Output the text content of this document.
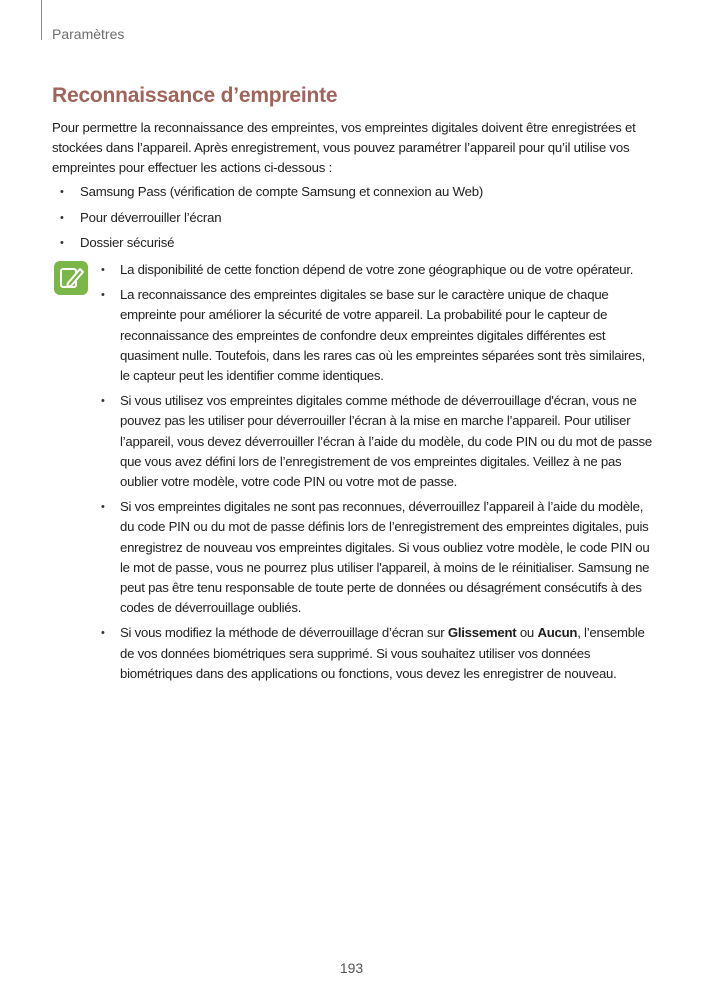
Paramètres
Reconnaissance d’empreinte

Pour permettre la reconnaissance des empreintes, vos empreintes digitales doivent être enregistrées et stockées dans l’appareil. Après enregistrement, vous pouvez paramétrer l’appareil pour qu’il utilise vos empreintes pour effectuer les actions ci-dessous :

• Samsung Pass (vérification de compte Samsung et connexion au Web)
• Pour déverrouiller l’écran
• Dossier sécurisé
• La disponibilité de cette fonction dépend de votre zone géographique ou de votre opérateur.
• La reconnaissance des empreintes digitales se base sur le caractère unique de chaque empreinte pour améliorer la sécurité de votre appareil. La probabilité pour le capteur de reconnaissance des empreintes de confondre deux empreintes digitales différentes est quasiment nulle. Toutefois, dans les rares cas où les empreintes séparées sont très similaires, le capteur peut les identifier comme identiques.
• Si vous utilisez vos empreintes digitales comme méthode de déverrouillage d'écran, vous ne pouvez pas les utiliser pour déverrouiller l’écran à la mise en marche l’appareil. Pour utiliser l’appareil, vous devez déverrouiller l’écran à l’aide du modèle, du code PIN ou du mot de passe que vous avez défini lors de l’enregistrement de vos empreintes digitales. Veillez à ne pas oublier votre modèle, votre code PIN ou votre mot de passe.
• Si vos empreintes digitales ne sont pas reconnues, déverrouillez l’appareil à l’aide du modèle, du code PIN ou du mot de passe définis lors de l’enregistrement des empreintes digitales, puis enregistrez de nouveau vos empreintes digitales. Si vous oubliez votre modèle, le code PIN ou le mot de passe, vous ne pourrez plus utiliser l'appareil, à moins de le réinitialiser. Samsung ne peut pas être tenu responsable de toute perte de données ou désagrément consécutifs à des codes de déverrouillage oubliés.
• Si vous modifiez la méthode de déverrouillage d’écran sur Glissement ou Aucun, l’ensemble de vos données biométriques sera supprimé. Si vous souhaitez utiliser vos données biométriques dans des applications ou fonctions, vous devez les enregistrer de nouveau.
193
